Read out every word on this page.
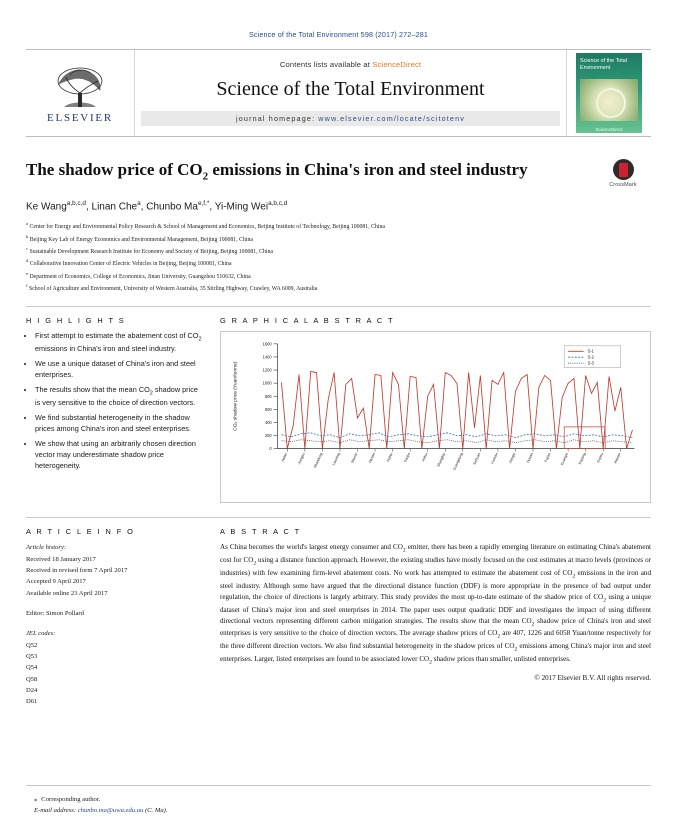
Science of the Total Environment 598 (2017) 272–281
ELSEVIER
Contents lists available at ScienceDirect
Science of the Total Environment
journal homepage: www.elsevier.com/locate/scitotenv
Science of the Total Environment
ScienceDirect
The shadow price of $CO_2$ emissions in China's iron and steel industry
CrossMark
Ke Wang$^{a,b,c,d}$, Linan Che$^a$, Chunbo $Ma^{e,f,*}$, Yi-Ming Wei$^{a,b,c,d}$
$^a$ Center for Energy and Environmental Policy Research & School of Management and Economics, Beijing Institute of Technology, Beijing 100081, China
$^b$ Beijing Key Lab of Energy Economics and Environmental Management, Beijing 100081, China
$^c$ Sustainable Development Research Institute for Economy and Society of Beijing, Beijing 100081, China
$^d$ Collaborative Innovation Center of Electric Vehicles in Beijing, Beijing 100081, China
$^e$ Department of Economics, College of Economics, Jinan University, Guangzhou 510632, China
$^f$ School of Agriculture and Environment, University of Western Australia, 35 Stirling Highway, Crawley, WA 6009, Australia
H I G H L I G H T S
• First attempt to estimate the abatement cost of $CO_2$ emissions in China's iron and steel industry.
• We use a unique dataset of China's iron and steel enterprises.
• The results show that the mean $CO_2$ shadow price is very sensitive to the choice of direction vectors.
• We find substantial heterogeneity in the shadow prices among China's iron and steel enterprises.
• We show that using an arbitrarily chosen direction vector may underestimate shadow price heterogeneity.
G R A P H I C A L A B S T R A C T
0
200
400
600
800
1000
1200
1400
1600
CO₂ shadow price (Yuan/tonne)
S-1
S-2
S-3
Hebei Jiangsu Shandong Liaoning	Shanxi	Henan	Hubei	Tianjin	Anhui Shanghai Guangdong Sichuan Yunnan	Jiangxi	Hunan	Fujian Guangxi Xinjiang	Gansu	Hainan
A R T I C L E I N F O
Article history:
Received 18 January 2017
Received in revised form 7 April 2017
Accepted 9 April 2017
Available online 23 April 2017
Editor: Simon Pollard
JEL codes:
Q52
Q53
Q54
Q58
D24
D61
A B S T R A C T
As China becomes the world's largest energy consumer and $CO_2$ emitter, there has been a rapidly emerging literature on estimating China's abatement cost for $CO_2$ using a distance function approach. However, the existing studies have mostly focused on the cost estimates at macro levels (provinces or industries) with few examining firm-level abatement costs. No work has attempted to estimate the abatement cost of $CO_2$ emissions in the iron and steel industry. Although some have argued that the directional distance function (DDF) is more appropriate in the presence of bad output under regulation, the choice of directions is largely arbitrary. This study provides the most up-to-date estimate of the shadow price of $CO_2$ using a unique dataset of China's major iron and steel enterprises in 2014. The paper uses output quadratic DDF and investigates the impact of using different directional vectors representing different carbon mitigation strategies. The results show that the mean $CO_2$ shadow price of China's iron and steel enterprises is very sensitive to the choice of direction vectors. The average shadow prices of $CO_2$ are 407, 1226 and 6058 Yuan/tonne respectively for the three different direction vectors. We also find substantial heterogeneity in the shadow prices of $CO_2$ emissions among China's major iron and steel enterprises. Larger, listed enterprises are found to be associated lower $CO_2$ shadow prices than smaller, unlisted enterprises.
© 2017 Elsevier B.V. All rights reserved.
⁎ Corresponding author.
E-mail address: chunbo.ma@uwa.edu.au (C. Ma).
